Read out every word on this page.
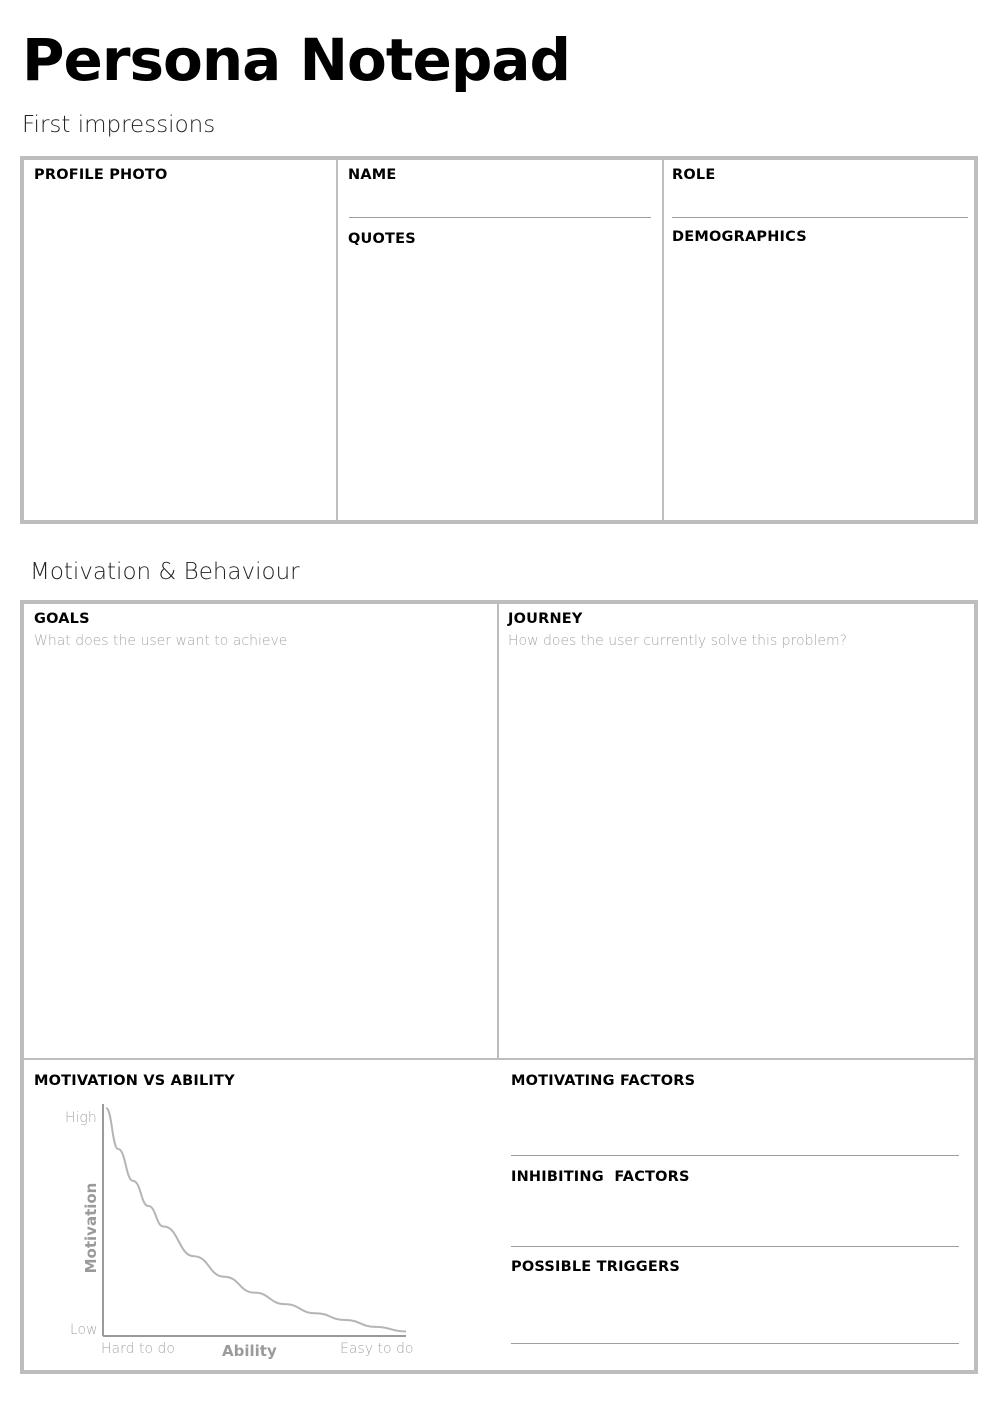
Persona Notepad
First impressions
PROFILE PHOTO	NAME	ROLE
QUOTES	DEMOGRAPHICS
Motivation & Behaviour
GOALS
What does the user want to achieve
JOURNEY
How does the user currently solve this problem?
MOTIVATION VS ABILITY
High
Low
Motivation
Hard to do	Ability	Easy to do
MOTIVATING FACTORS
INHIBITING  FACTORS
POSSIBLE TRIGGERS
